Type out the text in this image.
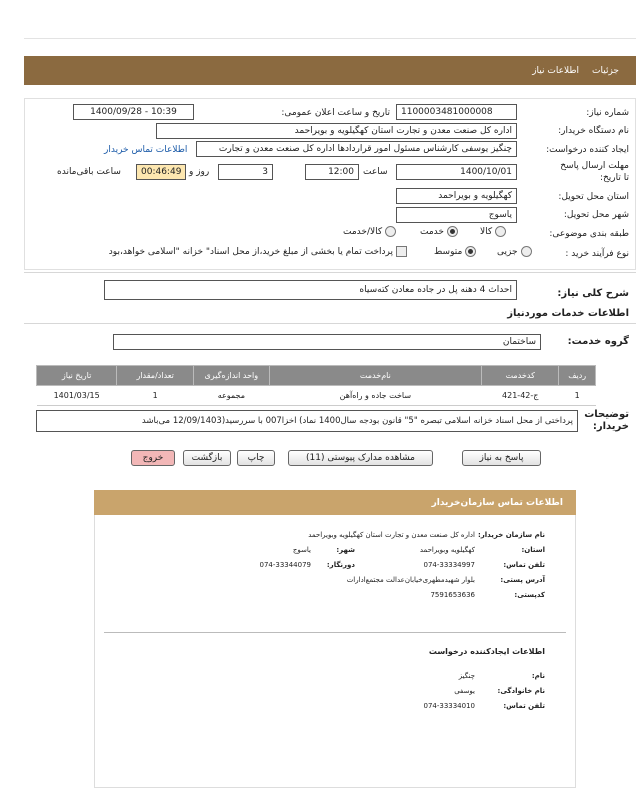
جزئیات
اطلاعات نیاز
شماره نیاز:
1100003481000008
تاریخ و ساعت اعلان عمومی:
1400/09/28 - 10:39
نام دستگاه خریدار:
اداره کل صنعت معدن و تجارت استان کهگیلویه و بویراحمد
ایجاد کننده درخواست:
چنگیز یوسفی کارشناس مسئول امور قراردادها اداره کل صنعت معدن و تجارت
اطلاعات تماس خریدار
مهلت ارسال پاسخ تا تاریخ:
1400/10/01
ساعت
12:00
3
روز و
00:46:49
ساعت باقی‌مانده
استان محل تحویل:
کهگیلویه و بویراحمد
شهر محل تحویل:
یاسوج
طبقه بندی موضوعی:
کالا
خدمت
کالا/خدمت
نوع فرآیند خرید :
جزیی
متوسط
پرداخت تمام یا بخشی از مبلغ خرید،از محل اسناد" خزانه "اسلامی خواهد،بود
شرح کلی نیاز:
احداث 4 دهنه پل در جاده معادن کته‌سیاه
اطلاعات خدمات موردنیاز
گروه خدمت:
ساختمان
ردیف	کدخدمت	نام‌خدمت	واحد اندازه‌گیری	تعداد/مقدار	تاریخ نیاز
1	ج-42-421	ساخت جاده و راه‌آهن	مجموعه	1	1401/03/15
توضیحات خریدار:
پرداختی از محل اسناد خزانه اسلامی تبصره "5" قانون بودجه سال1400 نماد) اخزا007 با سررسید(12/09/1403 می‌باشد
پاسخ به نیاز
مشاهده مدارک پیوستی (11)
چاپ
بازگشت
خروج
اطلاعات تماس سازمان‌خریدار
نام سازمان خریدار:	اداره کل صنعت معدن و تجارت استان کهگیلویه وبویراحمد		
استان:	کهگیلویه وبویراحمد	شهر:	یاسوج
تلفن تماس:	074-33334997	دورنگار:	074-33344079
آدرس پستی:	بلوار شهید‌مطهری‌خیابان‌عدالت مجتمع‌ادارات		
کد‌پستی:	7591653636		
اطلاعات ایجاد‌کننده درخواست
نام:	چنگیز
نام خانوادگی:	یوسفی
تلفن تماس:	074-33334010
